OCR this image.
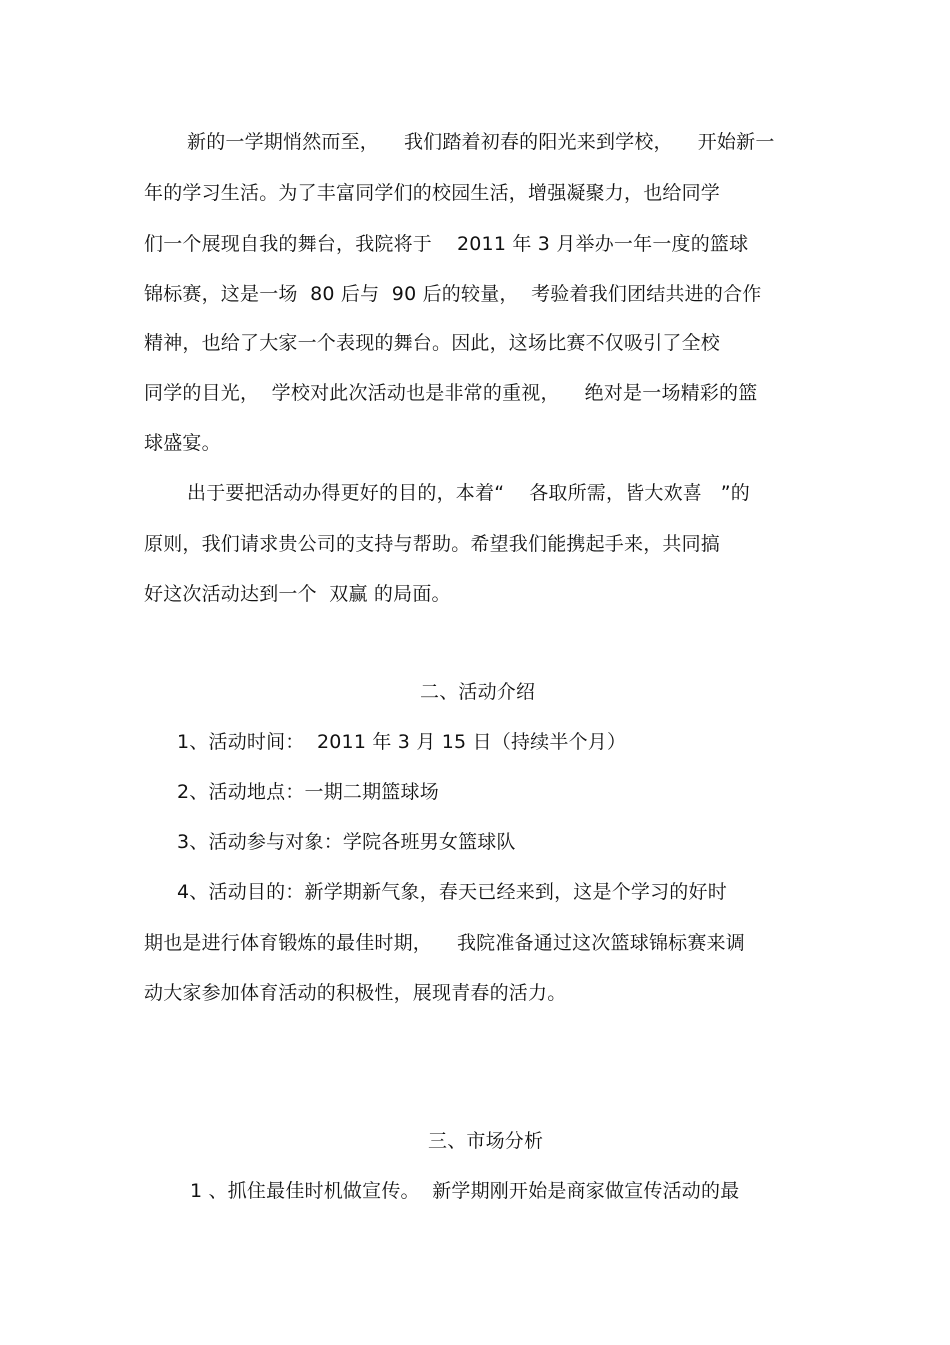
新的一学期悄然而至，    我们踏着初春的阳光来到学校，    开始新一
年的学习生活。为了丰富同学们的校园生活，增强凝聚力，也给同学
们一个展现自我的舞台，我院将于    2011 年 3 月举办一年一度的篮球
锦标赛，这是一场  80 后与  90 后的较量，  考验着我们团结共进的合作
精神，也给了大家一个表现的舞台。因此，这场比赛不仅吸引了全校
同学的目光，  学校对此次活动也是非常的重视，    绝对是一场精彩的篮
球盛宴。
出于要把活动办得更好的目的，本着“    各取所需，皆大欢喜   ”的
原则，我们请求贵公司的支持与帮助。希望我们能携起手来，共同搞
好这次活动达到一个  双赢 的局面。
二、活动介绍
1、活动时间：  2011 年 3 月 15 日（持续半个月）
2、活动地点：一期二期篮球场
3、活动参与对象：学院各班男女篮球队
4、活动目的：新学期新气象，春天已经来到，这是个学习的好时
期也是进行体育锻炼的最佳时期，    我院准备通过这次篮球锦标赛来调
动大家参加体育活动的积极性，展现青春的活力。
三、市场分析
1 、抓住最佳时机做宣传。  新学期刚开始是商家做宣传活动的最
